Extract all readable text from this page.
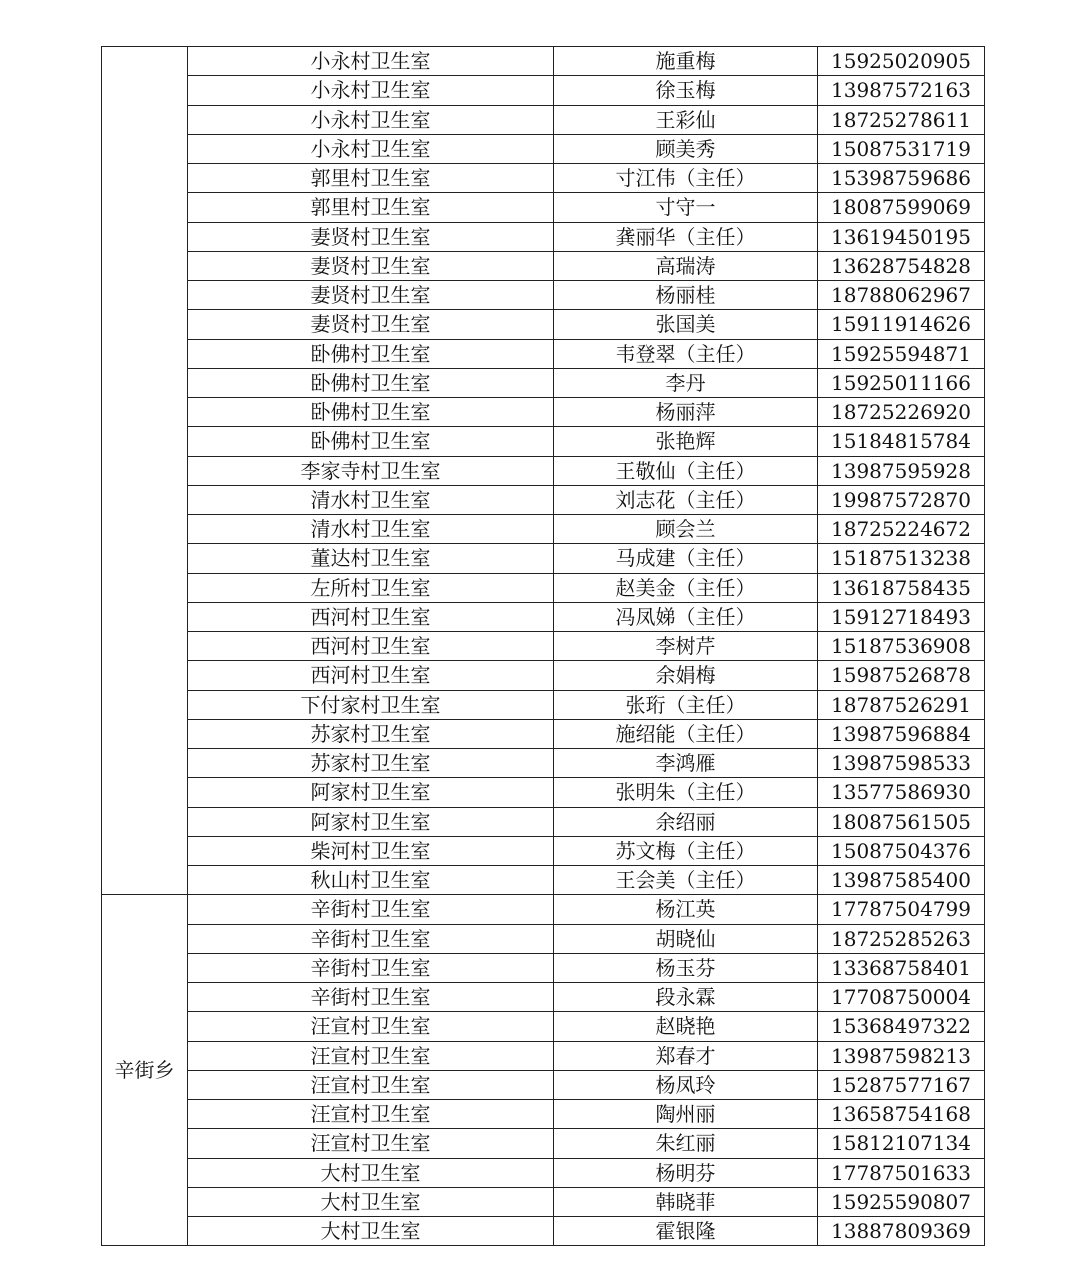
	小永村卫生室	施重梅	15925020905
	小永村卫生室	徐玉梅	13987572163
	小永村卫生室	王彩仙	18725278611
	小永村卫生室	顾美秀	15087531719
	郭里村卫生室	寸江伟（主任）	15398759686
	郭里村卫生室	寸守一	18087599069
	妻贤村卫生室	龚丽华（主任）	13619450195
	妻贤村卫生室	高瑞涛	13628754828
	妻贤村卫生室	杨丽桂	18788062967
	妻贤村卫生室	张国美	15911914626
	卧佛村卫生室	韦登翠（主任）	15925594871
	卧佛村卫生室	李丹	15925011166
	卧佛村卫生室	杨丽萍	18725226920
	卧佛村卫生室	张艳辉	15184815784
	李家寺村卫生室	王敬仙（主任）	13987595928
	清水村卫生室	刘志花（主任）	19987572870
	清水村卫生室	顾会兰	18725224672
	董达村卫生室	马成建（主任）	15187513238
	左所村卫生室	赵美金（主任）	13618758435
	西河村卫生室	冯凤娣（主任）	15912718493
	西河村卫生室	李树芹	15187536908
	西河村卫生室	余娟梅	15987526878
	下付家村卫生室	张珩（主任）	18787526291
	苏家村卫生室	施绍能（主任）	13987596884
	苏家村卫生室	李鸿雁	13987598533
	阿家村卫生室	张明朱（主任）	13577586930
	阿家村卫生室	余绍丽	18087561505
	柴河村卫生室	苏文梅（主任）	15087504376
	秋山村卫生室	王会美（主任）	13987585400
辛街乡	辛街村卫生室	杨江英	17787504799
	辛街村卫生室	胡晓仙	18725285263
	辛街村卫生室	杨玉芬	13368758401
	辛街村卫生室	段永霖	17708750004
	汪宣村卫生室	赵晓艳	15368497322
	汪宣村卫生室	郑春才	13987598213
	汪宣村卫生室	杨凤玲	15287577167
	汪宣村卫生室	陶州丽	13658754168
	汪宣村卫生室	朱红丽	15812107134
	大村卫生室	杨明芬	17787501633
	大村卫生室	韩晓菲	15925590807
	大村卫生室	霍银隆	13887809369
